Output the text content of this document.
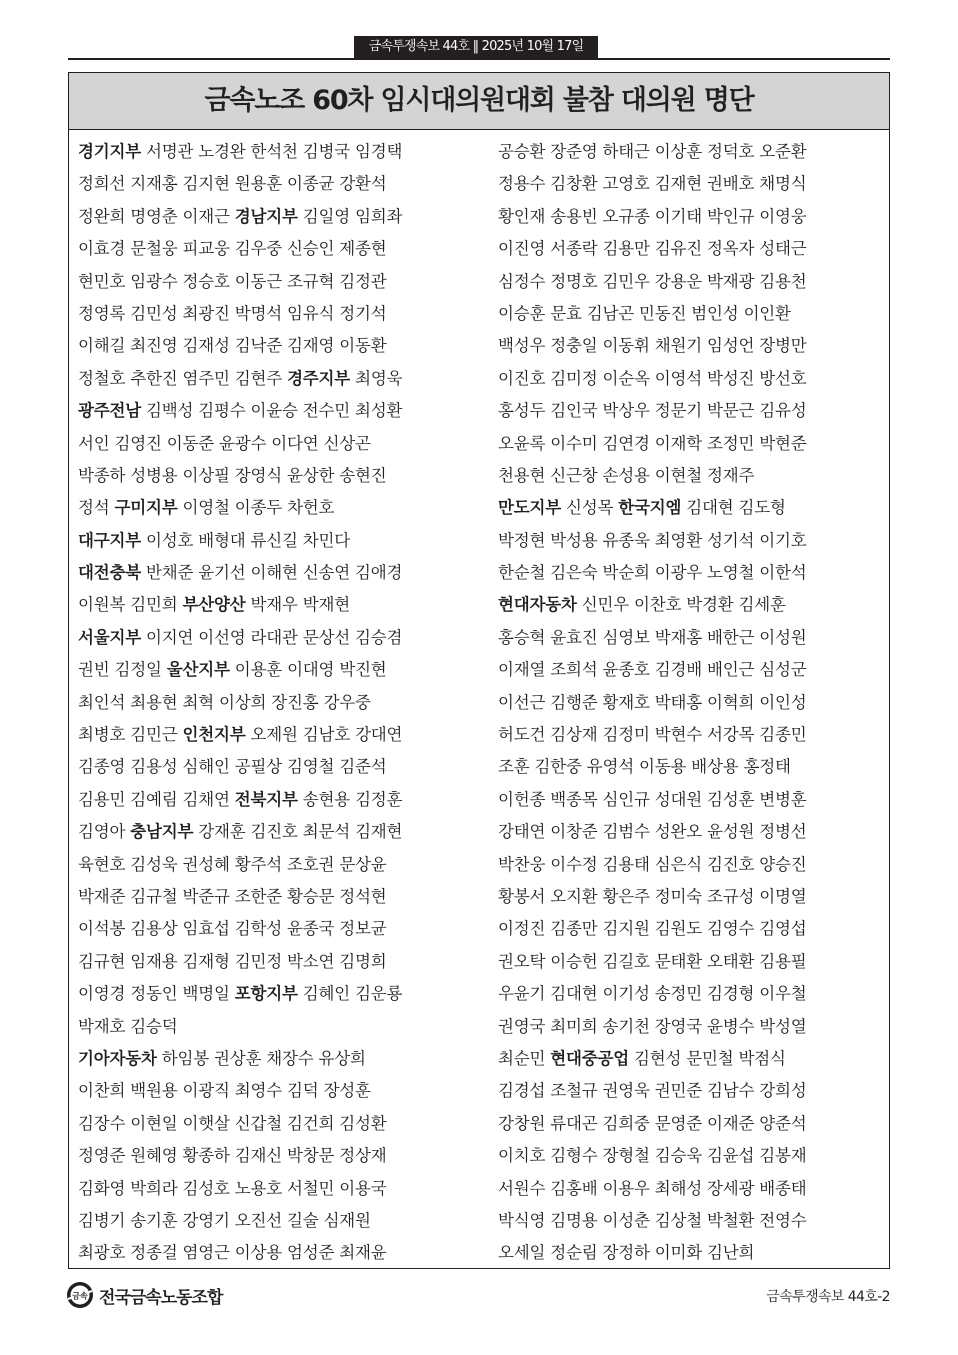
금속투쟁속보 44호 ‖ 2025년 10월 17일
금속노조 60차 임시대의원대회 불참 대의원 명단
경기지부 서명관 노경완 한석천 김병국 임경택
정희선 지재홍 김지현 원용훈 이종균 강환석
정완희 명영춘 이재근 경남지부 김일영 임희좌
이효경 문철웅 피교웅 김우중 신승인 제종현
현민호 임광수 정승호 이동근 조규혁 김정관
정영록 김민성 최광진 박명석 임유식 정기석
이해길 최진영 김재성 김낙준 김재영 이동환
정철호 추한진 염주민 김현주 경주지부 최영욱
광주전남 김백성 김평수 이윤승 전수민 최성환
서인 김영진 이동준 윤광수 이다연 신상곤
박종하 성병용 이상필 장영식 윤상한 송현진
정석 구미지부 이영철 이종두 차헌호
대구지부 이성호 배형대 류신길 차민다
대전충북 반채준 윤기선 이해현 신송연 김애경
이원복 김민희 부산양산 박재우 박재현
서울지부 이지연 이선영 라대관 문상선 김승겸
권빈 김정일 울산지부 이용훈 이대영 박진현
최인석 최용현 최혁 이상희 장진홍 강우중
최병호 김민근 인천지부 오제원 김남호 강대연
김종영 김용성 심해인 공필상 김영철 김준석
김용민 김예림 김채연 전북지부 송현용 김정훈
김영아 충남지부 강재훈 김진호 최문석 김재현
육현호 김성욱 권성혜 황주석 조호권 문상윤
박재준 김규철 박준규 조한준 황승문 정석현
이석봉 김용상 임효섭 김학성 윤종국 정보균
김규현 임재용 김재형 김민정 박소연 김명희
이영경 정동인 백명일 포항지부 김혜인 김운룡
박재호 김승덕
기아자동차 하임봉 권상훈 채장수 유상희
이찬희 백원용 이광직 최영수 김덕 장성훈
김장수 이현일 이햇살 신갑철 김건희 김성환
정영준 원혜영 황종하 김재신 박창문 정상재
김화영 박희라 김성호 노용호 서철민 이용국
김병기 송기훈 강영기 오진선 길술 심재원
최광호 정종걸 염영근 이상용 엄성준 최재윤
공승환 장준영 하태근 이상훈 정덕호 오준환
정용수 김창환 고영호 김재현 권배호 채명식
황인재 송용빈 오규종 이기태 박인규 이영웅
이진영 서종락 김용만 김유진 정옥자 성태근
심정수 정명호 김민우 강용운 박재광 김용천
이승훈 문효 김남곤 민동진 범인성 이인환
백성우 정충일 이동휘 채원기 임성언 장병만
이진호 김미정 이순옥 이영석 박성진 방선호
홍성두 김인국 박상우 정문기 박문근 김유성
오윤록 이수미 김연경 이재학 조정민 박현준
천용현 신근창 손성용 이현철 정재주
만도지부 신성목 한국지엠 김대현 김도형
박정현 박성용 유종욱 최영환 성기석 이기호
한순철 김은숙 박순희 이광우 노영철 이한석
현대자동차 신민우 이찬호 박경환 김세훈
홍승혁 윤효진 심영보 박재홍 배한근 이성원
이재열 조희석 윤종호 김경배 배인근 심성군
이선근 김행준 황재호 박태홍 이혁희 이인성
허도건 김상재 김정미 박현수 서강목 김종민
조훈 김한중 유영석 이동용 배상용 홍정태
이헌종 백종목 심인규 성대원 김성훈 변병훈
강태연 이창준 김범수 성완오 윤성원 정병선
박찬웅 이수정 김용태 심은식 김진호 양승진
황봉서 오지환 황은주 정미숙 조규성 이명열
이정진 김종만 김지원 김원도 김영수 김영섭
권오탁 이승헌 김길호 문태환 오태환 김용필
우윤기 김대현 이기성 송정민 김경형 이우철
권영국 최미희 송기천 장영국 윤병수 박성열
최순민 현대중공업 김현성 문민철 박점식
김경섭 조철규 권영욱 권민준 김남수 강희성
강창원 류대곤 김희중 문영준 이재준 양준석
이치호 김형수 장형철 김승욱 김윤섭 김봉재
서원수 김홍배 이용우 최해성 장세광 배종태
박식영 김명용 이성춘 김상철 박철환 전영수
오세일 정순림 장정하 이미화 김난희
금속 전국금속노동조합	금속투쟁속보 44호-2
